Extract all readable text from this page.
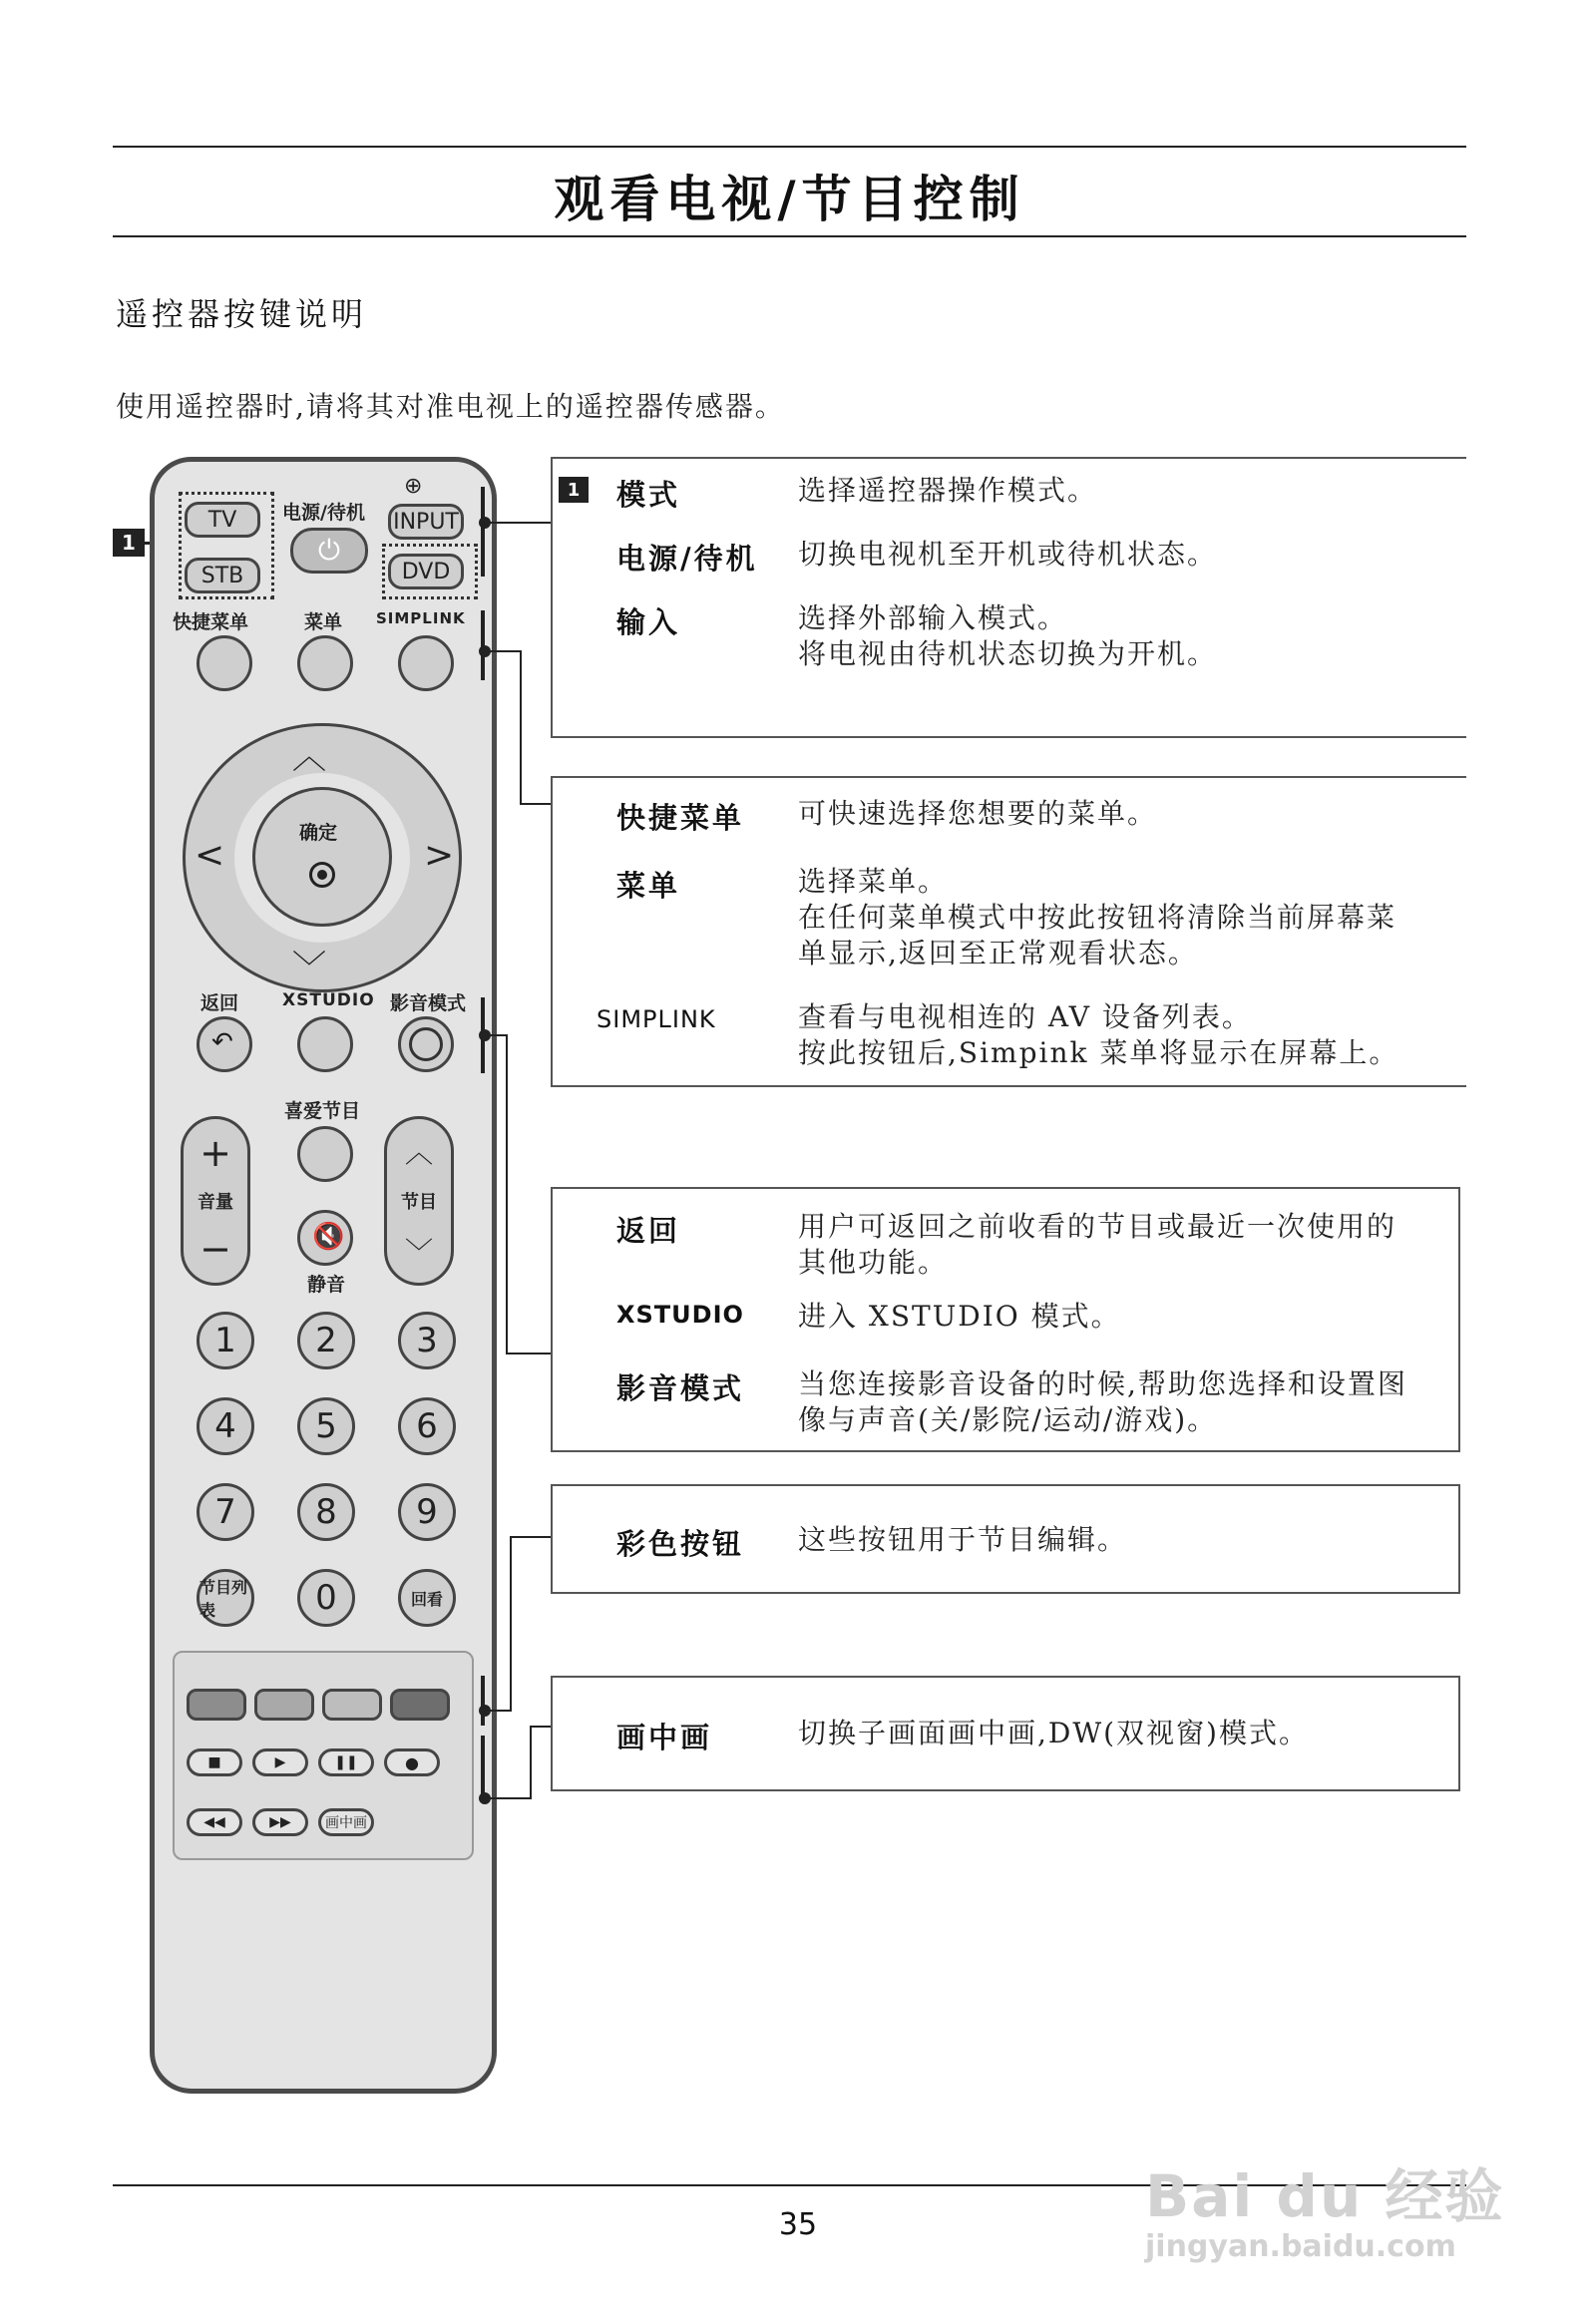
观看电视/节目控制
遥控器按键说明
使用遥控器时,请将其对准电视上的遥控器传感器。
1
TV
STB
电源/待机
⏻
⊕
INPUT
DVD
快捷菜单	菜单 SIMPLINK
︿
﹀
<	>
确定
返回	XSTUDIO 影音模式
↶
+
音量
−
喜爱节目
🔇
静音
︿
节目
﹀
1	2	3
4	5	6
7	8	9
节目列表	0	回看
■	▶	❚❚	●
◀◀	▶▶	画中画
1	模式	选择遥控器操作模式。
电源/待机 切换电视机至开机或待机状态。
输入	选择外部输入模式。
将电视由待机状态切换为开机。
快捷菜单 可快速选择您想要的菜单。
菜单	选择菜单。
在任何菜单模式中按此按钮将清除当前屏幕菜
单显示,返回至正常观看状态。
SIMPLINK	查看与电视相连的 AV 设备列表。
按此按钮后,Simpink 菜单将显示在屏幕上。
返回	用户可返回之前收看的节目或最近一次使用的
其他功能。
XSTUDIO 进入 XSTUDIO 模式。
影音模式 当您连接影音设备的时候,帮助您选择和设置图
像与声音(关/影院/运动/游戏)。
彩色按钮 这些按钮用于节目编辑。
画中画	切换子画面画中画,DW(双视窗)模式。
35	Bai du 经验
jingyan.baidu.com
